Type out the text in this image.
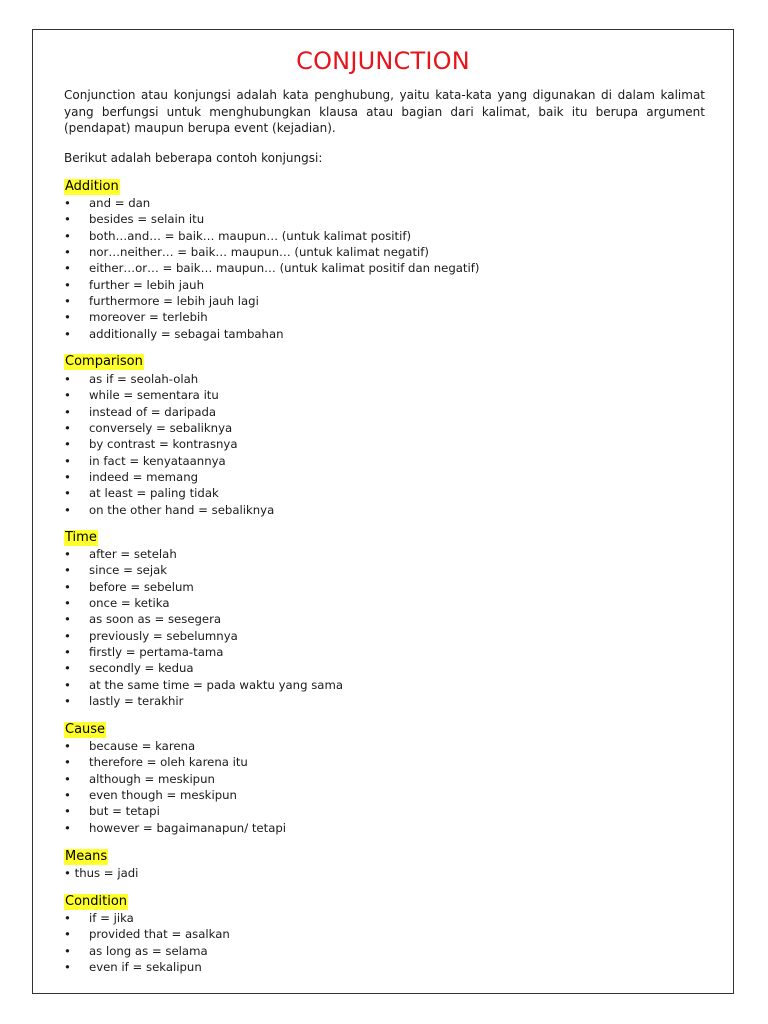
CONJUNCTION

Conjunction atau konjungsi adalah kata penghubung, yaitu kata-kata yang digunakan di dalam kalimat yang berfungsi untuk menghubungkan klausa atau bagian dari kalimat, baik itu berupa argument (pendapat) maupun berupa event (kejadian).

Berikut adalah beberapa contoh konjungsi:

Addition
• and = dan
• besides = selain itu
• both…and… = baik… maupun… (untuk kalimat positif)
• nor…neither… = baik… maupun… (untuk kalimat negatif)
• either…or… = baik… maupun… (untuk kalimat positif dan negatif)
• further = lebih jauh
• furthermore = lebih jauh lagi
• moreover = terlebih
• additionally = sebagai tambahan
Comparison
• as if = seolah-olah
• while = sementara itu
• instead of = daripada
• conversely = sebaliknya
• by contrast = kontrasnya
• in fact = kenyataannya
• indeed = memang
• at least = paling tidak
• on the other hand = sebaliknya
Time
• after = setelah
• since = sejak
• before = sebelum
• once = ketika
• as soon as = sesegera
• previously = sebelumnya
• firstly = pertama-tama
• secondly = kedua
• at the same time = pada waktu yang sama
• lastly = terakhir
Cause
• because = karena
• therefore = oleh karena itu
• although = meskipun
• even though = meskipun
• but = tetapi
• however = bagaimanapun/ tetapi
Means
• thus = jadi
Condition
• if = jika
• provided that = asalkan
• as long as = selama
• even if = sekalipun
